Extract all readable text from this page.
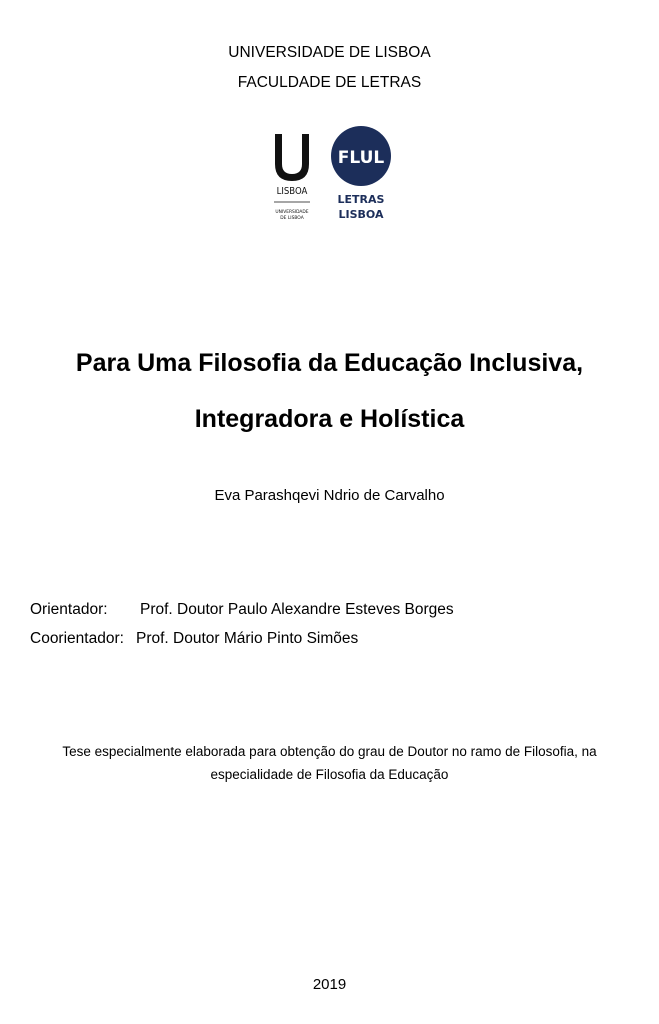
UNIVERSIDADE DE LISBOA
FACULDADE DE LETRAS
LISBOA
UNIVERSIDADE
DE LISBOA
FLUL
LETRAS
LISBOA
Para Uma Filosofia da Educação Inclusiva,
Integradora e Holística
Eva Parashqevi Ndrio de Carvalho
Orientador: Prof. Doutor Paulo Alexandre Esteves Borges
Coorientador: Prof. Doutor Mário Pinto Simões
Tese especialmente elaborada para obtenção do grau de Doutor no ramo de Filosofia, na
especialidade de Filosofia da Educação
2019
